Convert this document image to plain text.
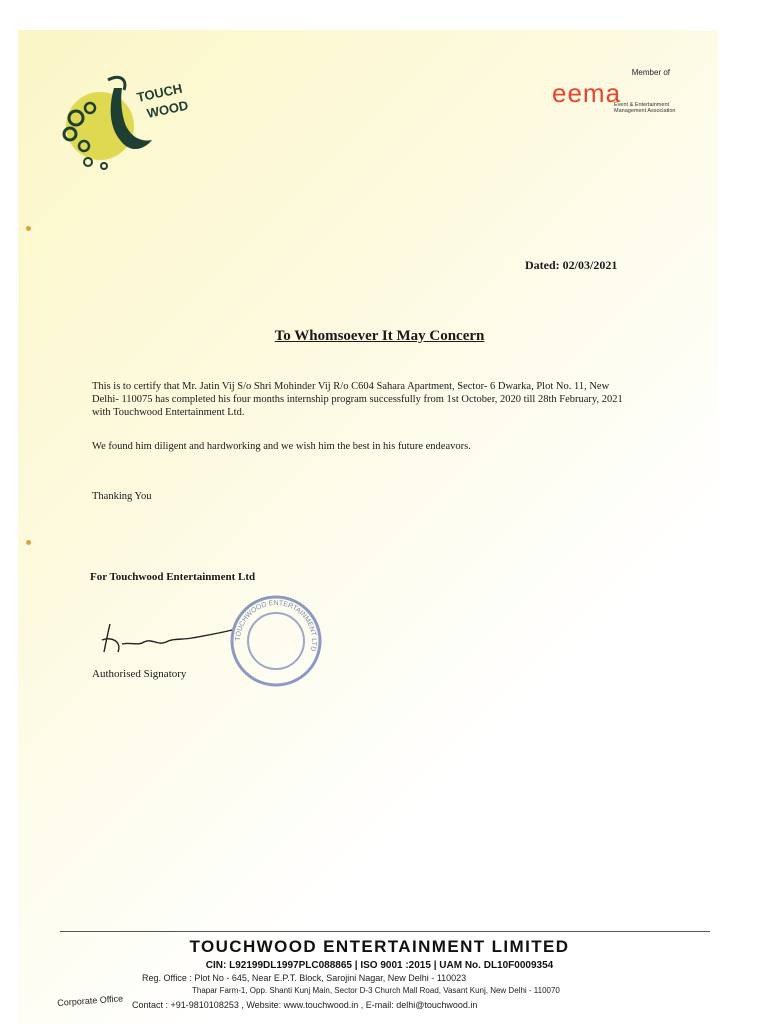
TOUCH
WOOD
Member of
eema
Event & Entertainment Management Association
Dated: 02/03/2021
To Whomsoever It May Concern
This is to certify that Mr. Jatin Vij S/o Shri Mohinder Vij R/o C604 Sahara Apartment, Sector- 6 Dwarka, Plot No. 11, New Delhi- 110075 has completed his four months internship program successfully from 1st October, 2020 till 28th February, 2021 with Touchwood Entertainment Ltd.
We found him diligent and hardworking and we wish him the best in his future endeavors.
Thanking You
For Touchwood Entertainment Ltd
TOUCHWOOD ENTERTAINMENT LTD
Authorised Signatory
TOUCHWOOD ENTERTAINMENT LIMITED
CIN: L92199DL1997PLC088865 | ISO 9001 :2015 | UAM No. DL10F0009354
Reg. Office : Plot No - 645, Near E.P.T. Block, Sarojini Nagar, New Delhi - 110023
Corporate Office
Thapar Farm-1, Opp. Shanti Kunj Main, Sector D-3 Church Mall Road, Vasant Kunj, New Delhi - 110070
Contact : +91-9810108253 , Website: www.touchwood.in , E-mail: delhi@touchwood.in
